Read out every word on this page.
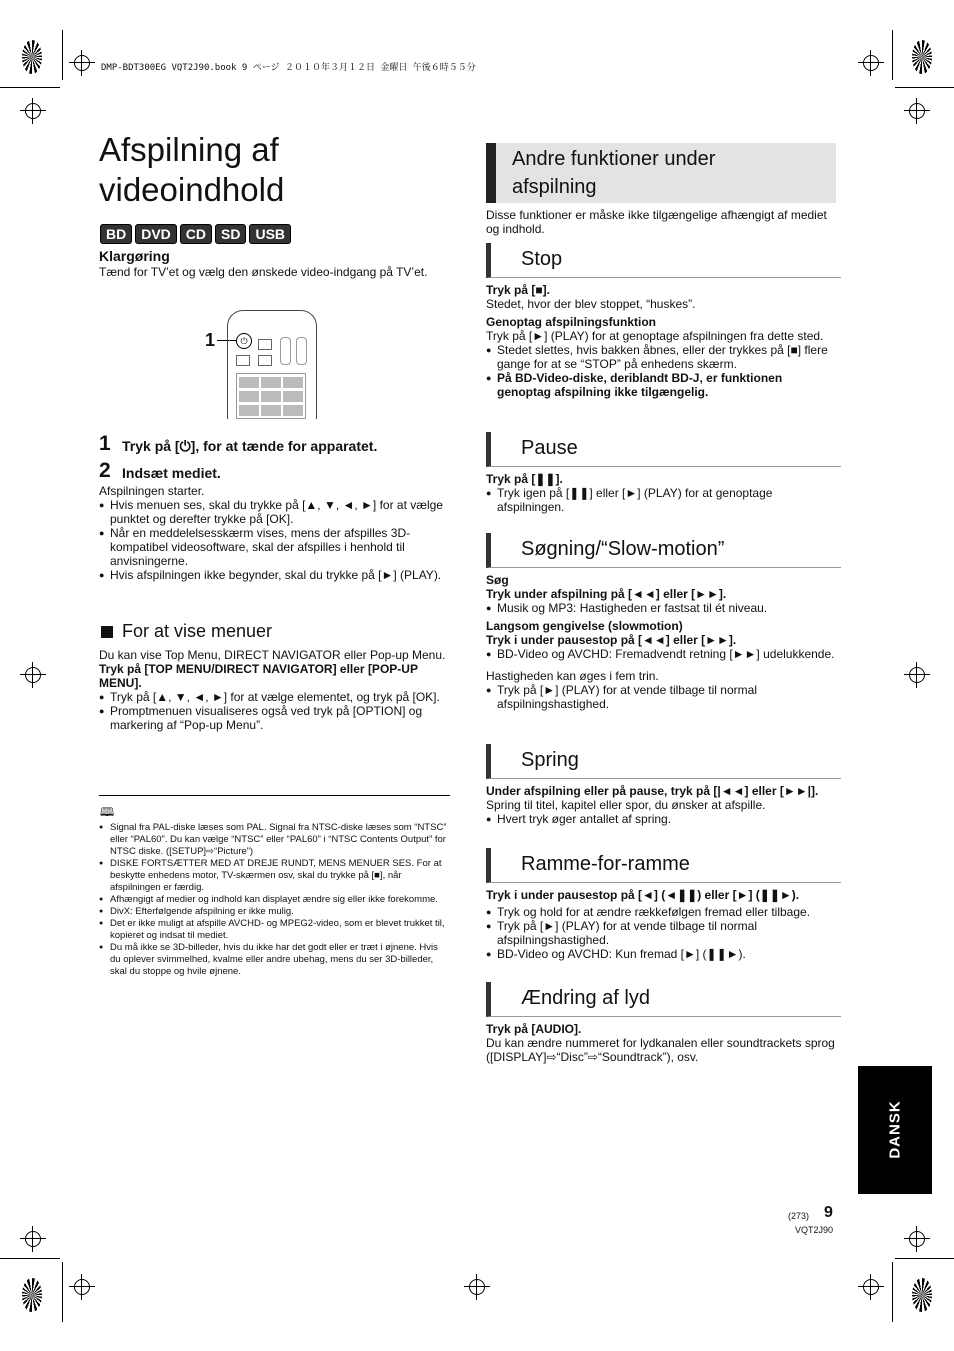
DMP-BDT300EG VQT2J90.book 9 ページ ２０１０年３月１２日 金曜日 午後６時５５分
Afspilning af
videoindhold
BD DVD CD SD USB
Klargøring
Tænd for TV’et og vælg den ønskede video-indgang på TV’et.
1	⏻
1 Tryk på [⏻], for at tænde for apparatet.
2 Indsæt mediet.
Afspilningen starter.
● Hvis menuen ses, skal du trykke på [▲, ▼, ◄, ►] for at vælge punktet og derefter trykke på [OK].
● Når en meddelelsesskærm vises, mens der afspilles 3D-kompatibel videosoftware, skal der afspilles i henhold til anvisningerne.
● Hvis afspilningen ikke begynder, skal du trykke på [►] (PLAY).
For at vise menuer
Du kan vise Top Menu, DIRECT NAVIGATOR eller Pop-up Menu.
Tryk på [TOP MENU/DIRECT NAVIGATOR] eller [POP-UP MENU].
● Tryk på [▲, ▼, ◄, ►] for at vælge elementet, og tryk på [OK].
● Promptmenuen visualiseres også ved tryk på [OPTION] og markering af “Pop-up Menu”.
🕮
● Signal fra PAL-diske læses som PAL. Signal fra NTSC-diske læses som “NTSC” eller “PAL60”. Du kan vælge “NTSC” eller “PAL60” i “NTSC Contents Output” for NTSC diske. ([SETUP]⇨“Picture”)
● DISKE FORTSÆTTER MED AT DREJE RUNDT, MENS MENUER SES. For at beskytte enhedens motor, TV-skærmen osv, skal du trykke på [■], når afspilningen er færdig.
● Afhængigt af medier og indhold kan displayet ændre sig eller ikke forekomme.
● DivX: Efterfølgende afspilning er ikke mulig.
● Det er ikke muligt at afspille AVCHD- og MPEG2-video, som er blevet trukket til, kopieret og indsat til mediet.
● Du må ikke se 3D-billeder, hvis du ikke har det godt eller er træt i øjnene. Hvis du oplever svimmelhed, kvalme eller andre ubehag, mens du ser 3D-billeder, skal du stoppe og hvile øjnene.
Andre funktioner under
afspilning
Disse funktioner er måske ikke tilgængelige afhængigt af mediet og indhold.
Stop
Tryk på [■].
Stedet, hvor der blev stoppet, “huskes”.
Genoptag afspilningsfunktion
Tryk på [►] (PLAY) for at genoptage afspilningen fra dette sted.
● Stedet slettes, hvis bakken åbnes, eller der trykkes på [■] flere gange for at se “STOP” på enhedens skærm.
● På BD-Video-diske, deriblandt BD-J, er funktionen genoptag afspilning ikke tilgængelig.
Pause
Tryk på [❚❚].
● Tryk igen på [❚❚] eller [►] (PLAY) for at genoptage afspilningen.
Søgning/“Slow-motion”
Søg
Tryk under afspilning på [◄◄] eller [►►].
● Musik og MP3: Hastigheden er fastsat til ét niveau.
Langsom gengivelse (slowmotion)
Tryk i under pausestop på [◄◄] eller [►►].
● BD-Video og AVCHD: Fremadvendt retning [►►] udelukkende.
Hastigheden kan øges i fem trin.
● Tryk på [►] (PLAY) for at vende tilbage til normal afspilningshastighed.
Spring
Under afspilning eller på pause, tryk på [|◄◄] eller [►►|].
Spring til titel, kapitel eller spor, du ønsker at afspille.
● Hvert tryk øger antallet af spring.
Ramme-for-ramme
Tryk i under pausestop på [◄] (◄❚❚) eller [►] (❚❚►).
● Tryk og hold for at ændre rækkefølgen fremad eller tilbage.
● Tryk på [►] (PLAY) for at vende tilbage til normal afspilningshastighed.
● BD-Video og AVCHD: Kun fremad [►] (❚❚►).
Ændring af lyd
Tryk på [AUDIO].
Du kan ændre nummeret for lydkanalen eller soundtrackets sprog ([DISPLAY]⇨“Disc”⇨“Soundtrack”), osv.
DANSK
(273) 9
VQT2J90
